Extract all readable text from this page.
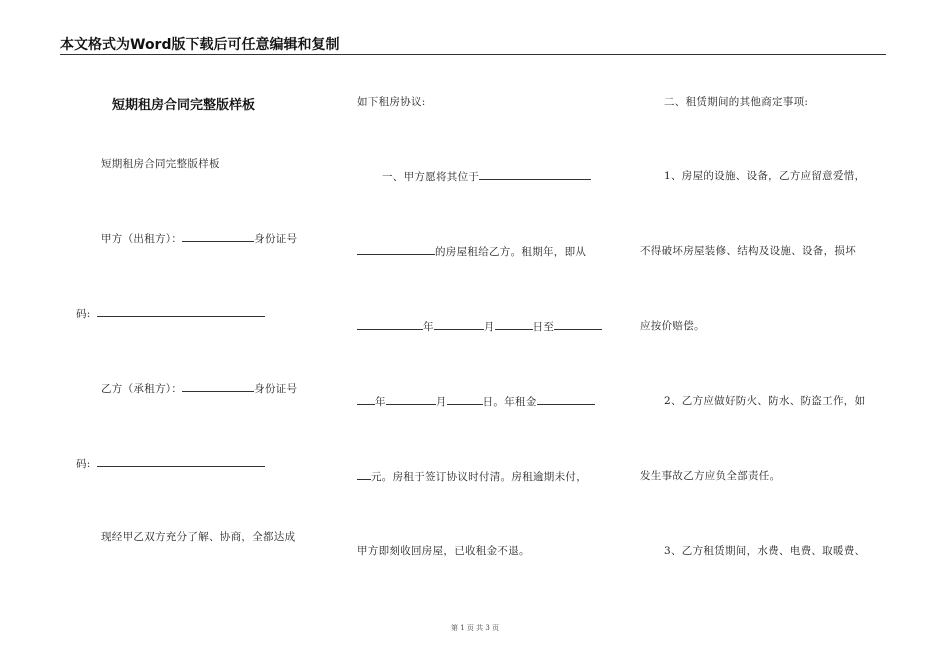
本文格式为Word版下载后可任意编辑和复制
短期租房合同完整版样板
短期租房合同完整版样板
甲方（出租方）：	身份证号
码:
乙方（承租方）：	身份证号
码:
现经甲乙双方充分了解、协商，全都达成
如下租房协议:
一、甲方愿将其位于
的房屋租给乙方。租期年，即从
年	月	日至
年	月	日。年租金
元。房租于签订协议时付清。房租逾期未付，
甲方即刻收回房屋，已收租金不退。
二、租赁期间的其他商定事项:
1、房屋的设施、设备，乙方应留意爱惜，
不得破坏房屋装修、结构及设施、设备，损坏
应按价赔偿。
2、乙方应做好防火、防水、防盗工作，如
发生事故乙方应负全部责任。
3、乙方租赁期间，水费、电费、取暖费、
第 1 页 共 3 页
